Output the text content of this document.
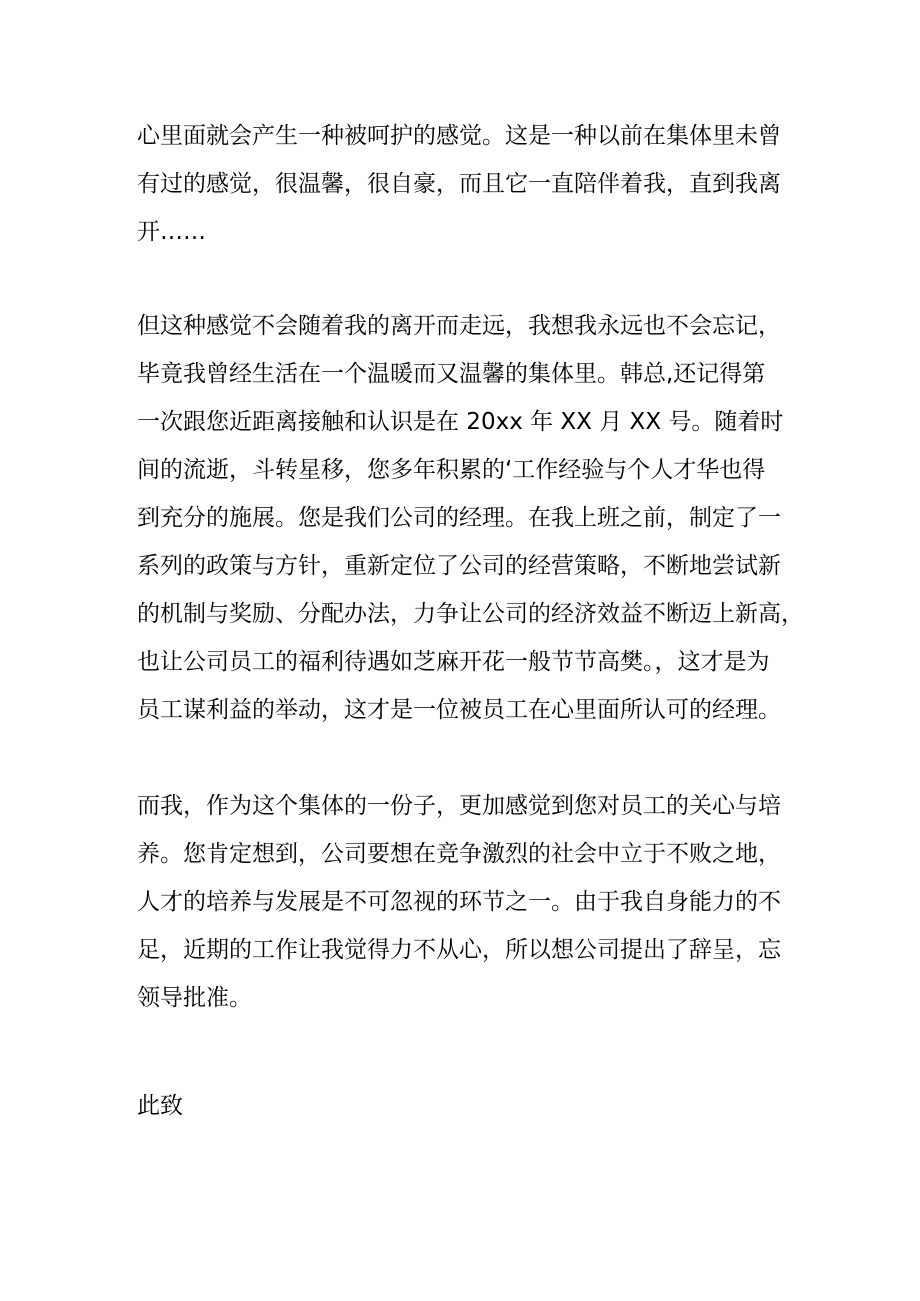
心里面就会产生一种被呵护的感觉。这是一种以前在集体里未曾
有过的感觉，很温馨，很自豪，而且它一直陪伴着我，直到我离
开……
但这种感觉不会随着我的离开而走远，我想我永远也不会忘记，
毕竟我曾经生活在一个温暖而又温馨的集体里。韩总,还记得第
一次跟您近距离接触和认识是在 20xx 年 XX 月 XX 号。随着时
间的流逝，斗转星移，您多年积累的‘工作经验与个人才华也得
到充分的施展。您是我们公司的经理。在我上班之前，制定了一
系列的政策与方针，重新定位了公司的经营策略，不断地尝试新
的机制与奖励、分配办法，力争让公司的经济效益不断迈上新高，
也让公司员工的福利待遇如芝麻开花一般节节高樊。，这才是为
员工谋利益的举动，这才是一位被员工在心里面所认可的经理。
而我，作为这个集体的一份子，更加感觉到您对员工的关心与培
养。您肯定想到，公司要想在竞争激烈的社会中立于不败之地，
人才的培养与发展是不可忽视的环节之一。由于我自身能力的不
足，近期的工作让我觉得力不从心，所以想公司提出了辞呈，忘
领导批准。
此致
